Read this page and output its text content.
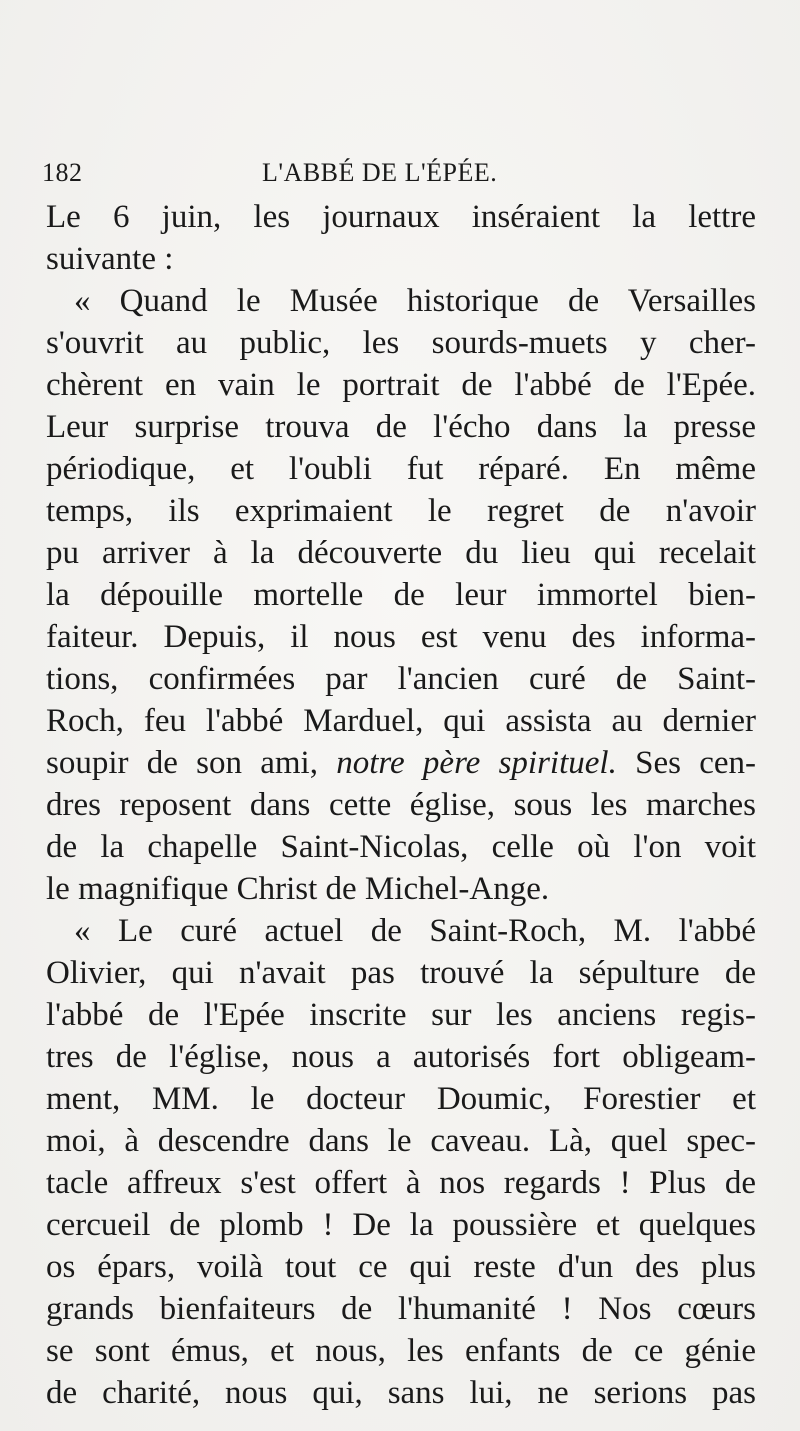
182	L'ABBÉ DE L'ÉPÉE.
Le 6 juin, les journaux inséraient la lettre
suivante :
« Quand le Musée historique de Versailles
s'ouvrit au public, les sourds-muets y cher-
chèrent en vain le portrait de l'abbé de l'Epée.
Leur surprise trouva de l'écho dans la presse
périodique, et l'oubli fut réparé. En même
temps, ils exprimaient le regret de n'avoir
pu arriver à la découverte du lieu qui recelait
la dépouille mortelle de leur immortel bien-
faiteur. Depuis, il nous est venu des informa-
tions, confirmées par l'ancien curé de Saint-
Roch, feu l'abbé Marduel, qui assista au dernier
soupir de son ami, notre père spirituel. Ses cen-
dres reposent dans cette église, sous les marches
de la chapelle Saint-Nicolas, celle où l'on voit
le magnifique Christ de Michel-Ange.
« Le curé actuel de Saint-Roch, M. l'abbé
Olivier, qui n'avait pas trouvé la sépulture de
l'abbé de l'Epée inscrite sur les anciens regis-
tres de l'église, nous a autorisés fort obligeam-
ment, MM. le docteur Doumic, Forestier et
moi, à descendre dans le caveau. Là, quel spec-
tacle affreux s'est offert à nos regards ! Plus de
cercueil de plomb ! De la poussière et quelques
os épars, voilà tout ce qui reste d'un des plus
grands bienfaiteurs de l'humanité ! Nos cœurs
se sont émus, et nous, les enfants de ce génie
de charité, nous qui, sans lui, ne serions pas
